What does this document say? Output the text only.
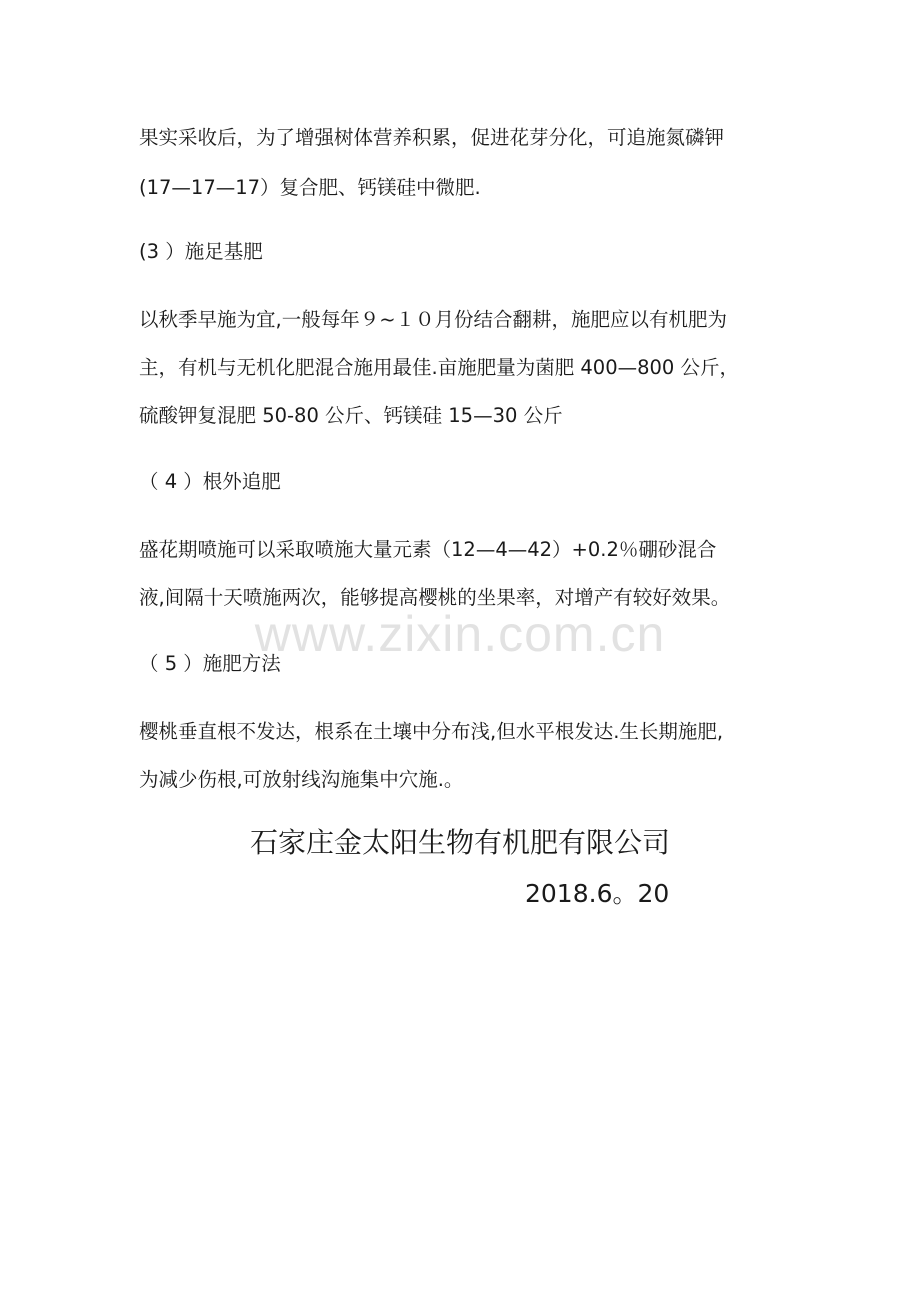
果实采收后，为了增强树体营养积累，促进花芽分化，可追施氮磷钾

(17—17—17）复合肥、钙镁硅中微肥.

(3 ）施足基肥

以秋季早施为宜,一般每年９~１０月份结合翻耕，施肥应以有机肥为

主，有机与无机化肥混合施用最佳.亩施肥量为菌肥 400—800 公斤，

硫酸钾复混肥 50-80 公斤、钙镁硅 15—30 公斤

（ 4 ）根外追肥

盛花期喷施可以采取喷施大量元素（12—4—42）+0.2％硼砂混合

液,间隔十天喷施两次，能够提高樱桃的坐果率，对增产有较好效果。

www.zixin.com.cn

（ 5 ）施肥方法

樱桃垂直根不发达，根系在土壤中分布浅,但水平根发达.生长期施肥,

为减少伤根,可放射线沟施集中穴施.。

石家庄金太阳生物有机肥有限公司
2018.6。20
